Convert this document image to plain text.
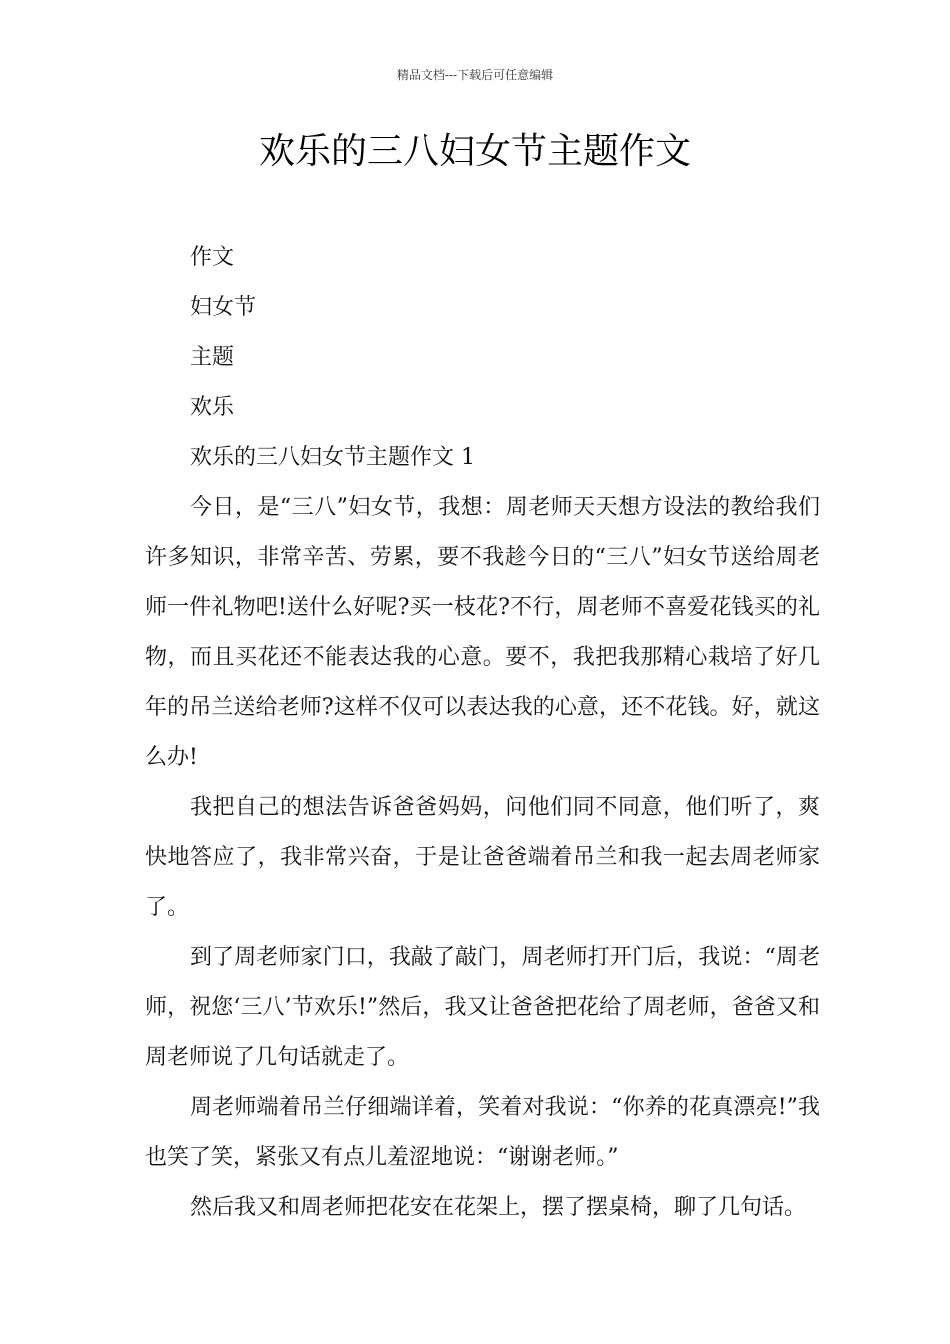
精品文档---下载后可任意编辑
欢乐的三八妇女节主题作文

作文

妇女节

主题

欢乐

欢乐的三八妇女节主题作文 1

今日，是“三八”妇女节，我想：周老师天天想方设法的教给我们许多知识，非常辛苦、劳累，要不我趁今日的“三八”妇女节送给周老师一件礼物吧!送什么好呢?买一枝花?不行，周老师不喜爱花钱买的礼物，而且买花还不能表达我的心意。要不，我把我那精心栽培了好几年的吊兰送给老师?这样不仅可以表达我的心意，还不花钱。好，就这么办!

我把自己的想法告诉爸爸妈妈，问他们同不同意，他们听了，爽快地答应了，我非常兴奋，于是让爸爸端着吊兰和我一起去周老师家了。

到了周老师家门口，我敲了敲门，周老师打开门后，我说：“周老师，祝您‘三八’节欢乐!”然后，我又让爸爸把花给了周老师，爸爸又和周老师说了几句话就走了。

周老师端着吊兰仔细端详着，笑着对我说：“你养的花真漂亮!”我也笑了笑，紧张又有点儿羞涩地说：“谢谢老师。”

然后我又和周老师把花安在花架上，摆了摆桌椅，聊了几句话。
